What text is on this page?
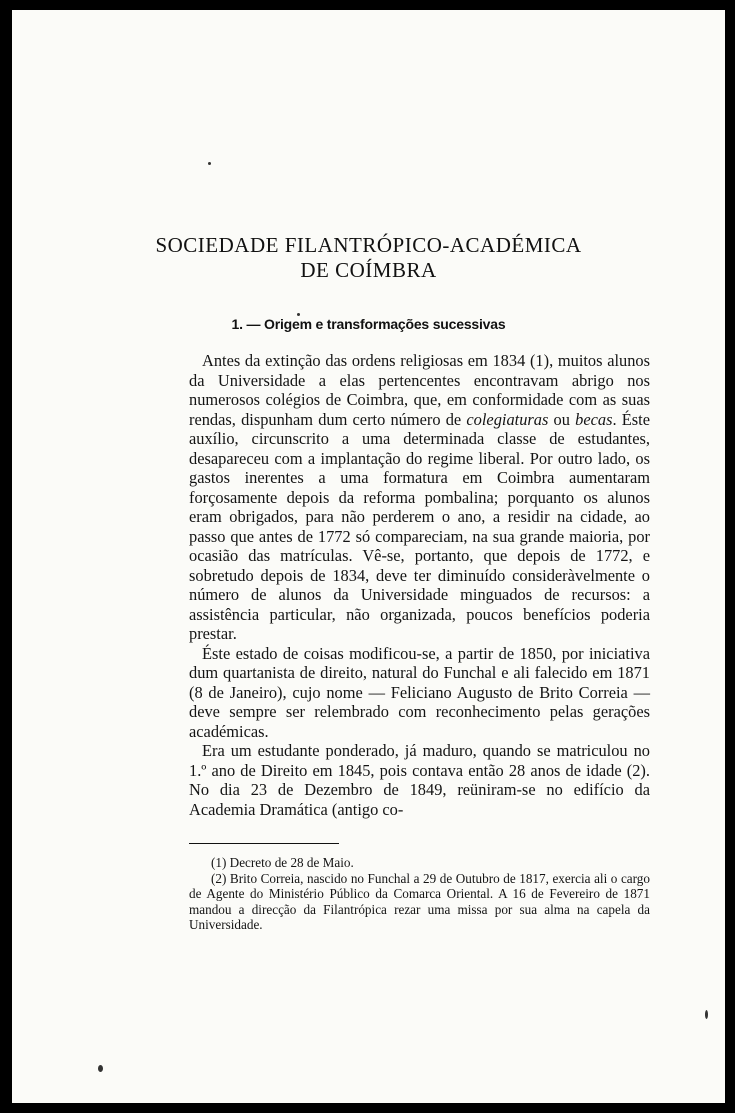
SOCIEDADE FILANTRÓPICO-ACADÉMICA
DE COÍMBRA
1. — Origem e transformações sucessivas

Antes da extinção das ordens religiosas em 1834 (1), muitos alunos da Universidade a elas pertencentes encontravam abrigo nos numerosos colégios de Coimbra, que, em conformidade com as suas rendas, dispunham dum certo número de colegiaturas ou becas. Éste auxílio, circunscrito a uma determinada classe de estudantes, desapareceu com a implantação do regime liberal. Por outro lado, os gastos inerentes a uma formatura em Coimbra aumentaram forçosamente depois da reforma pombalina; porquanto os alunos eram obrigados, para não perderem o ano, a residir na cidade, ao passo que antes de 1772 só compareciam, na sua grande maioria, por ocasião das matrículas. Vê-se, portanto, que depois de 1772, e sobretudo depois de 1834, deve ter diminuído consideràvelmente o número de alunos da Universidade minguados de recursos: a assistência particular, não organizada, poucos benefícios poderia prestar.

Éste estado de coisas modificou-se, a partir de 1850, por iniciativa dum quartanista de direito, natural do Funchal e ali falecido em 1871 (8 de Janeiro), cujo nome — Feliciano Augusto de Brito Correia — deve sempre ser relembrado com reconhecimento pelas gerações académicas.

Era um estudante ponderado, já maduro, quando se matriculou no 1.º ano de Direito em 1845, pois contava então 28 anos de idade (2). No dia 23 de Dezembro de 1849, reüniram-se no edifício da Academia Dramática (antigo co-

(1) Decreto de 28 de Maio.

(2) Brito Correia, nascido no Funchal a 29 de Outubro de 1817, exercia ali o cargo de Agente do Ministério Público da Comarca Oriental. A 16 de Fevereiro de 1871 mandou a direcção da Filantrópica rezar uma missa por sua alma na capela da Universidade.
